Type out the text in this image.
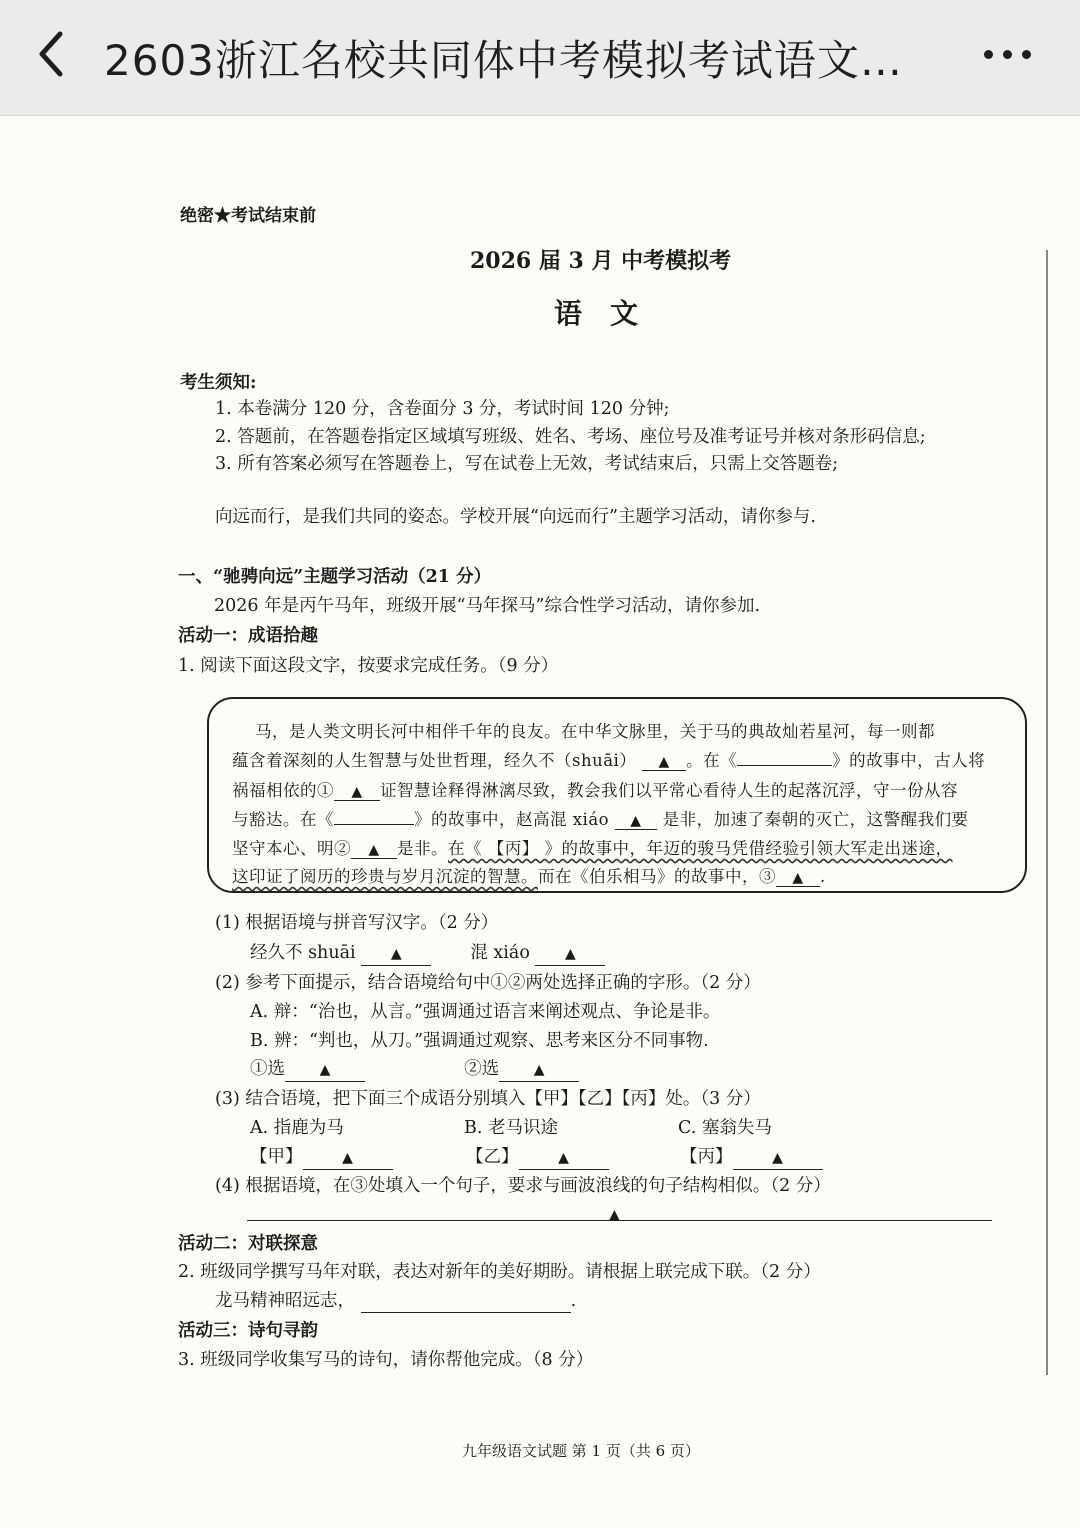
2603浙江名校共同体中考模拟考试语文…
绝密★考试结束前
2026 届 3 月 中考模拟考
语　文
考生须知:
1. 本卷满分 120 分，含卷面分 3 分，考试时间 120 分钟;
2. 答题前，在答题卷指定区域填写班级、姓名、考场、座位号及准考证号并核对条形码信息;
3. 所有答案必须写在答题卷上，写在试卷上无效，考试结束后，只需上交答题卷;
向远而行，是我们共同的姿态。学校开展“向远而行”主题学习活动，请你参与.
一、“驰骋向远”主题学习活动（21 分）
2026 年是丙午马年，班级开展“马年探马”综合性学习活动，请你参加.
活动一：成语拾趣
1. 阅读下面这段文字，按要求完成任务。（9 分）
马，是人类文明长河中相伴千年的良友。在中华文脉里，关于马的典故灿若星河，每一则都
蕴含着深刻的人生智慧与处世哲理，经久不（shuāi） ▲ 。在《	》的故事中，古人将
祸福相依的① ▲ 证智慧诠释得淋漓尽致，教会我们以平常心看待人生的起落沉浮，守一份从容
与豁达。在《	》的故事中，赵高混 xiáo ▲ 是非，加速了秦朝的灭亡，这警醒我们要
坚守本心、明② ▲ 是非。在《 【丙】 》的故事中，年迈的骏马凭借经验引领大军走出迷途，
这印证了阅历的珍贵与岁月沉淀的智慧。而在《伯乐相马》的故事中，③ ▲ .
(1) 根据语境与拼音写汉字。（2 分）
经久不 shuāi	▲	混 xiáo	▲
(2) 参考下面提示，结合语境给句中①②两处选择正确的字形。（2 分）
A. 辩：“治也，从言。”强调通过语言来阐述观点、争论是非。
B. 辨：“判也，从刀。”强调通过观察、思考来区分不同事物.
①选 ▲	②选 ▲
(3) 结合语境，把下面三个成语分别填入【甲】【乙】【丙】处。（3 分）
A. 指鹿为马	B. 老马识途	C. 塞翁失马
【甲】	▲	【乙】	▲	【丙】	▲
(4) 根据语境，在③处填入一个句子，要求与画波浪线的句子结构相似。（2 分）
▲
活动二：对联探意
2. 班级同学撰写马年对联，表达对新年的美好期盼。请根据上联完成下联。（2 分）
龙马精神昭远志，	.
活动三：诗句寻韵
3. 班级同学收集写马的诗句，请你帮他完成。（8 分）
九年级语文试题 第 1 页（共 6 页）
